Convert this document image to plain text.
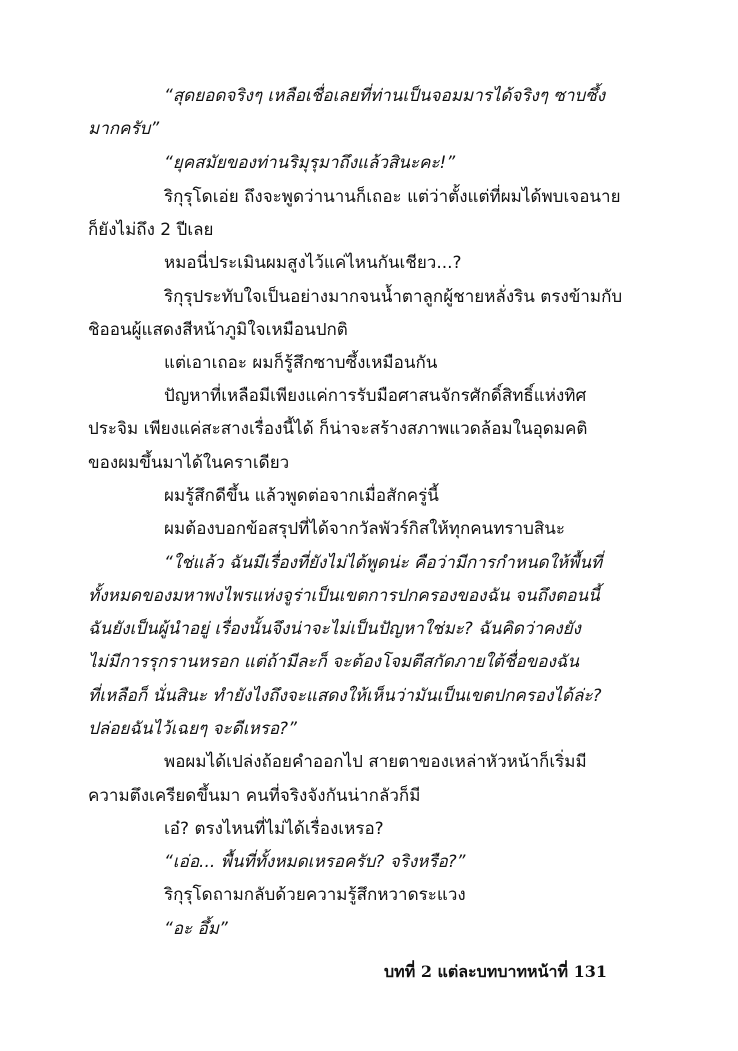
“สุดยอดจริงๆ เหลือเชื่อเลยที่ท่านเป็นจอมมารได้จริงๆ ซาบซึ้ง
มากครับ”
“ยุคสมัยของท่านริมุรุมาถึงแล้วสินะคะ!”
ริกุรุโดเอ่ย ถึงจะพูดว่านานก็เถอะ แต่ว่าตั้งแต่ที่ผมได้พบเจอนาย
ก็ยังไม่ถึง 2 ปีเลย
หมอนี่ประเมินผมสูงไว้แค่ไหนกันเชียว...?
ริกุรุประทับใจเป็นอย่างมากจนน้ำตาลูกผู้ชายหลั่งริน ตรงข้ามกับ
ชิออนผู้แสดงสีหน้าภูมิใจเหมือนปกติ
แต่เอาเถอะ ผมก็รู้สึกซาบซึ้งเหมือนกัน
ปัญหาที่เหลือมีเพียงแค่การรับมือศาสนจักรศักดิ์สิทธิ์แห่งทิศ
ประจิม เพียงแค่สะสางเรื่องนี้ได้ ก็น่าจะสร้างสภาพแวดล้อมในอุดมคติ
ของผมขึ้นมาได้ในคราเดียว
ผมรู้สึกดีขึ้น แล้วพูดต่อจากเมื่อสักครู่นี้
ผมต้องบอกข้อสรุปที่ได้จากวัลพัวร์กิสให้ทุกคนทราบสินะ
“ใช่แล้ว ฉันมีเรื่องที่ยังไม่ได้พูดน่ะ คือว่ามีการกำหนดให้พื้นที่
ทั้งหมดของมหาพงไพรแห่งจูร่าเป็นเขตการปกครองของฉัน จนถึงตอนนี้
ฉันยังเป็นผู้นำอยู่ เรื่องนั้นจึงน่าจะไม่เป็นปัญหาใช่มะ? ฉันคิดว่าคงยัง
ไม่มีการรุกรานหรอก แต่ถ้ามีละก็ จะต้องโจมตีสกัดภายใต้ชื่อของฉัน
ที่เหลือก็ นั่นสินะ ทำยังไงถึงจะแสดงให้เห็นว่ามันเป็นเขตปกครองได้ล่ะ?
ปล่อยฉันไว้เฉยๆ จะดีเหรอ?”
พอผมได้เปล่งถ้อยคำออกไป สายตาของเหล่าหัวหน้าก็เริ่มมี
ความตึงเครียดขึ้นมา คนที่จริงจังกันน่ากลัวก็มี
เอ๋? ตรงไหนที่ไม่ได้เรื่องเหรอ?
“เอ่อ... พื้นที่ทั้งหมดเหรอครับ? จริงหรือ?”
ริกุรุโดถามกลับด้วยความรู้สึกหวาดระแวง
“อะ อึ้ม”
บทที่ 2 แต่ละบทบาทหน้าที่ 131
